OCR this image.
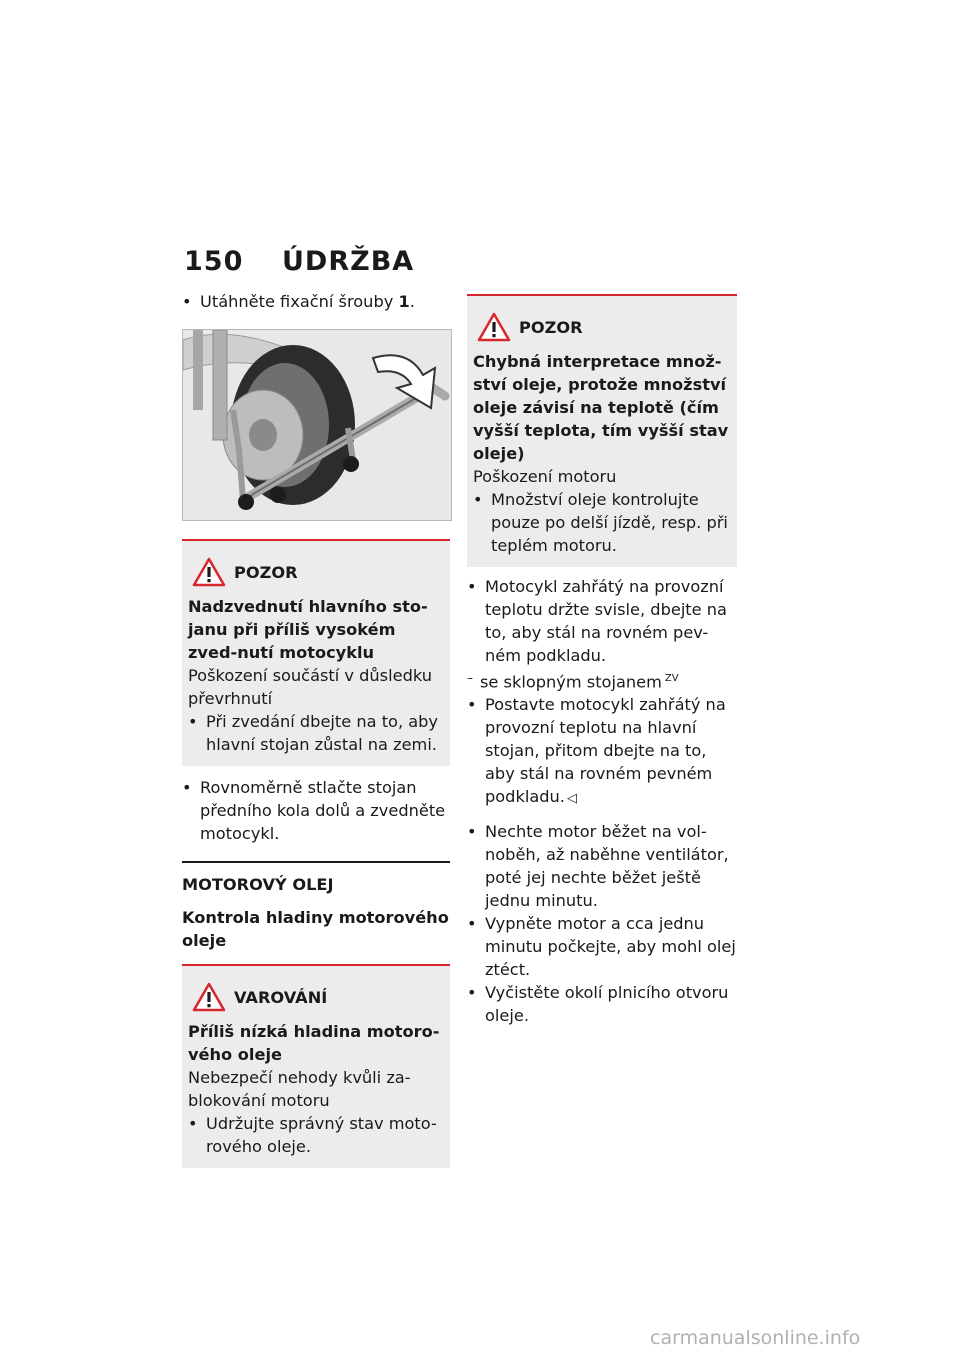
150 ÚDRŽBA

• Utáhněte fixační šrouby 1.

POZOR

Nadzvednutí hlavního sto-janu při příliš vysokém zved-nutí motocyklu

Poškození součástí v důsledku převrhnutí

• Při zvedání dbejte na to, aby hlavní stojan zůstal na zemi.

• Rovnoměrně stlačte stojan předního kola dolů a zvedněte motocykl.

MOTOROVÝ OLEJ

Kontrola hladiny motorového oleje

VAROVÁNÍ

Příliš nízká hladina motoro-vého oleje

Nebezpečí nehody kvůli za-blokování motoru

• Udržujte správný stav moto-rového oleje.

POZOR

Chybná interpretace množ-ství oleje, protože množství oleje závisí na teplotě (čím vyšší teplota, tím vyšší stav oleje)

Poškození motoru

• Množství oleje kontrolujte pouze po delší jízdě, resp. při teplém motoru.

• Motocykl zahřátý na provozní teplotu držte svisle, dbejte na to, aby stál na rovném pev-ném podkladu.

– se sklopným stojanem $^{ZV}$

• Postavte motocykl zahřátý na provozní teplotu na hlavní stojan, přitom dbejte na to, aby stál na rovném pevném podkladu. ◁

• Nechte motor běžet na vol-noběh, až naběhne ventilátor, poté jej nechte běžet ještě jednu minutu.

• Vypněte motor a cca jednu minutu počkejte, aby mohl olej ztéct.

• Vyčistěte okolí plnicího otvoru oleje.

carmanualsonline.info
